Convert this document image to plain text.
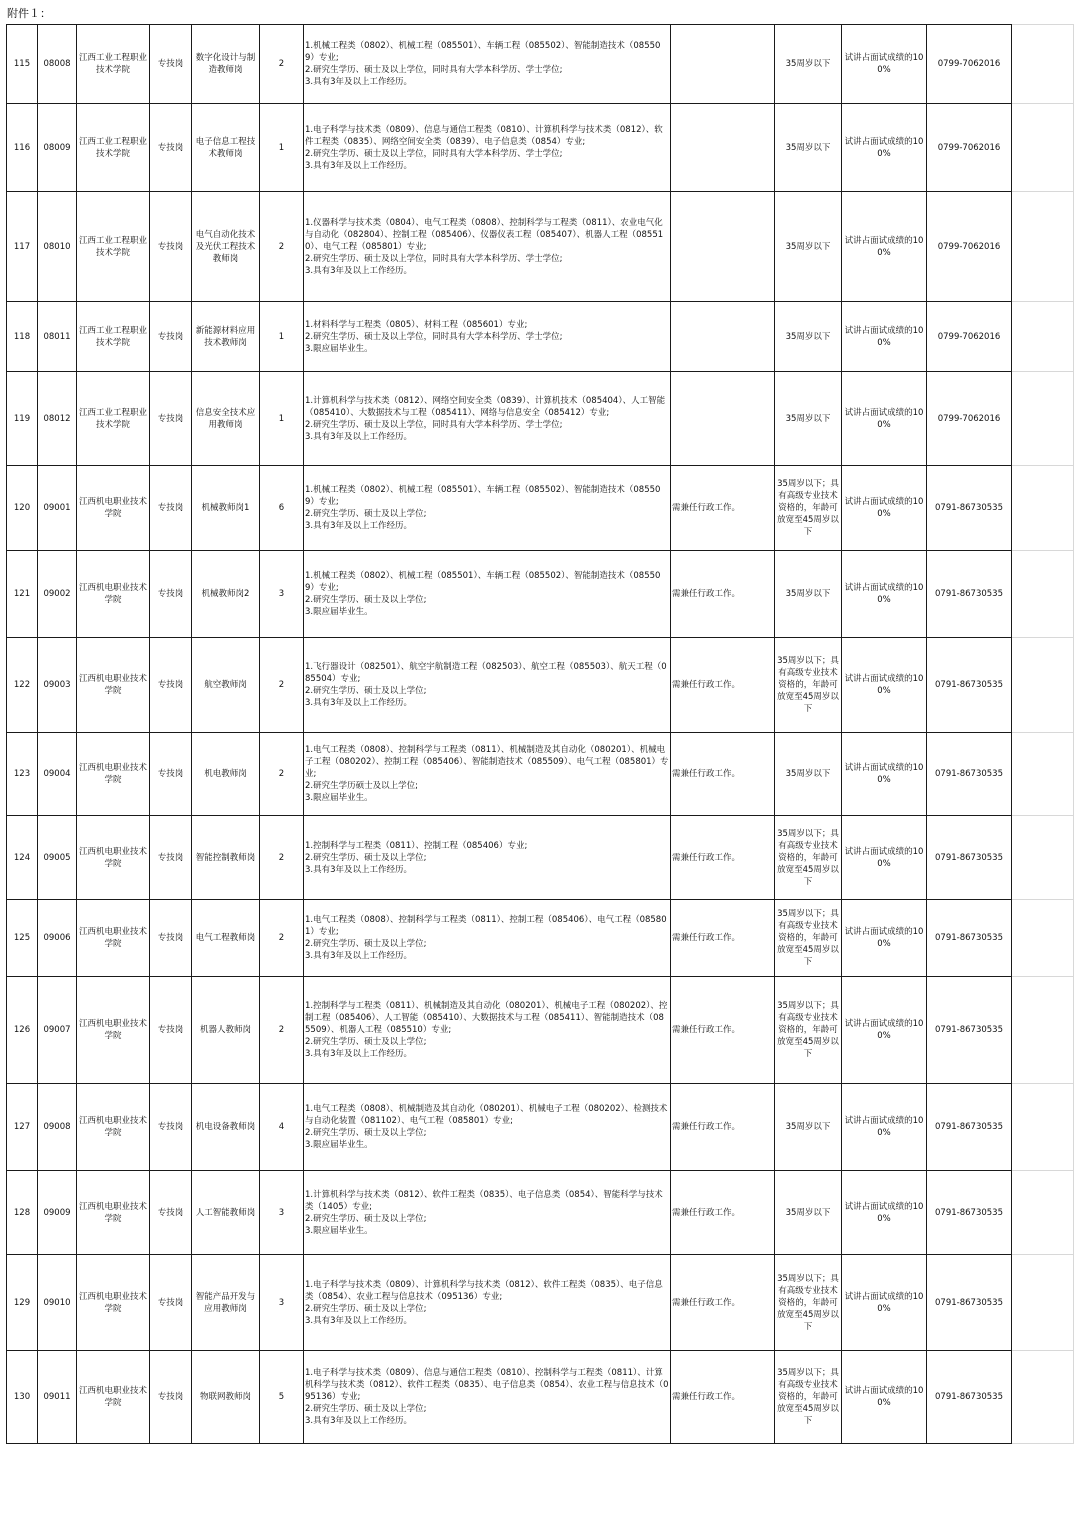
附件１：
115	08008	江西工业工程职业技术学院	专技岗	数字化设计与制造教师岗	2	1.机械工程类（0802）、机械工程（085501）、车辆工程（085502）、智能制造技术（085509）专业;
2.研究生学历、硕士及以上学位，同时具有大学本科学历、学士学位;
3.具有3年及以上工作经历。		35周岁以下	试讲占面试成绩的100%	0799-7062016	
116	08009	江西工业工程职业技术学院	专技岗	电子信息工程技术教师岗	1	1.电子科学与技术类（0809）、信息与通信工程类（0810）、计算机科学与技术类（0812）、软件工程类（0835）、网络空间安全类（0839）、电子信息类（0854）专业;
2.研究生学历、硕士及以上学位，同时具有大学本科学历、学士学位;
3.具有3年及以上工作经历。		35周岁以下	试讲占面试成绩的100%	0799-7062016	
117	08010	江西工业工程职业技术学院	专技岗	电气自动化技术及光伏工程技术教师岗	2	1.仪器科学与技术类（0804）、电气工程类（0808）、控制科学与工程类（0811）、农业电气化与自动化（082804）、控制工程（085406）、仪器仪表工程（085407）、机器人工程（085510）、电气工程（085801）专业;
2.研究生学历、硕士及以上学位，同时具有大学本科学历、学士学位;
3.具有3年及以上工作经历。		35周岁以下	试讲占面试成绩的100%	0799-7062016	
118	08011	江西工业工程职业技术学院	专技岗	新能源材料应用技术教师岗	1	1.材料科学与工程类（0805）、材料工程（085601）专业;
2.研究生学历、硕士及以上学位，同时具有大学本科学历、学士学位;
3.限应届毕业生。		35周岁以下	试讲占面试成绩的100%	0799-7062016	
119	08012	江西工业工程职业技术学院	专技岗	信息安全技术应用教师岗	1	1.计算机科学与技术类（0812）、网络空间安全类（0839）、计算机技术（085404）、人工智能（085410）、大数据技术与工程（085411）、网络与信息安全（085412）专业;
2.研究生学历、硕士及以上学位，同时具有大学本科学历、学士学位;
3.具有3年及以上工作经历。		35周岁以下	试讲占面试成绩的100%	0799-7062016	
120	09001	江西机电职业技术学院	专技岗	机械教师岗1	6	1.机械工程类（0802）、机械工程（085501）、车辆工程（085502）、智能制造技术（085509）专业;
2.研究生学历、硕士及以上学位;
3.具有3年及以上工作经历。	需兼任行政工作。	35周岁以下；具有高级专业技术资格的，年龄可放宽至45周岁以下	试讲占面试成绩的100%	0791-86730535	
121	09002	江西机电职业技术学院	专技岗	机械教师岗2	3	1.机械工程类（0802）、机械工程（085501）、车辆工程（085502）、智能制造技术（085509）专业;
2.研究生学历、硕士及以上学位;
3.限应届毕业生。	需兼任行政工作。	35周岁以下	试讲占面试成绩的100%	0791-86730535	
122	09003	江西机电职业技术学院	专技岗	航空教师岗	2	1.飞行器设计（082501）、航空宇航制造工程（082503）、航空工程（085503）、航天工程（085504）专业;
2.研究生学历、硕士及以上学位;
3.具有3年及以上工作经历。	需兼任行政工作。	35周岁以下；具有高级专业技术资格的，年龄可放宽至45周岁以下	试讲占面试成绩的100%	0791-86730535	
123	09004	江西机电职业技术学院	专技岗	机电教师岗	2	1.电气工程类（0808）、控制科学与工程类（0811）、机械制造及其自动化（080201）、机械电子工程（080202）、控制工程（085406）、智能制造技术（085509）、电气工程（085801）专业;
2.研究生学历硕士及以上学位;
3.限应届毕业生。	需兼任行政工作。	35周岁以下	试讲占面试成绩的100%	0791-86730535	
124	09005	江西机电职业技术学院	专技岗	智能控制教师岗	2	1.控制科学与工程类（0811）、控制工程（085406）专业;
2.研究生学历、硕士及以上学位;
3.具有3年及以上工作经历。	需兼任行政工作。	35周岁以下；具有高级专业技术资格的，年龄可放宽至45周岁以下	试讲占面试成绩的100%	0791-86730535	
125	09006	江西机电职业技术学院	专技岗	电气工程教师岗	2	1.电气工程类（0808）、控制科学与工程类（0811）、控制工程（085406）、电气工程（085801）专业;
2.研究生学历、硕士及以上学位;
3.具有3年及以上工作经历。	需兼任行政工作。	35周岁以下；具有高级专业技术资格的，年龄可放宽至45周岁以下	试讲占面试成绩的100%	0791-86730535	
126	09007	江西机电职业技术学院	专技岗	机器人教师岗	2	1.控制科学与工程类（0811）、机械制造及其自动化（080201）、机械电子工程（080202）、控制工程（085406）、人工智能（085410）、大数据技术与工程（085411）、智能制造技术（085509）、机器人工程（085510）专业;
2.研究生学历、硕士及以上学位;
3.具有3年及以上工作经历。	需兼任行政工作。	35周岁以下；具有高级专业技术资格的，年龄可放宽至45周岁以下	试讲占面试成绩的100%	0791-86730535	
127	09008	江西机电职业技术学院	专技岗	机电设备教师岗	4	1.电气工程类（0808）、机械制造及其自动化（080201）、机械电子工程（080202）、检测技术与自动化装置（081102）、电气工程（085801）专业;
2.研究生学历、硕士及以上学位;
3.限应届毕业生。	需兼任行政工作。	35周岁以下	试讲占面试成绩的100%	0791-86730535	
128	09009	江西机电职业技术学院	专技岗	人工智能教师岗	3	1.计算机科学与技术类（0812）、软件工程类（0835）、电子信息类（0854）、智能科学与技术类（1405）专业;
2.研究生学历、硕士及以上学位;
3.限应届毕业生。	需兼任行政工作。	35周岁以下	试讲占面试成绩的100%	0791-86730535	
129	09010	江西机电职业技术学院	专技岗	智能产品开发与应用教师岗	3	1.电子科学与技术类（0809）、计算机科学与技术类（0812）、软件工程类（0835）、电子信息类（0854）、农业工程与信息技术（095136）专业;
2.研究生学历、硕士及以上学位;
3.具有3年及以上工作经历。	需兼任行政工作。	35周岁以下；具有高级专业技术资格的，年龄可放宽至45周岁以下	试讲占面试成绩的100%	0791-86730535	
130	09011	江西机电职业技术学院	专技岗	物联网教师岗	5	1.电子科学与技术类（0809）、信息与通信工程类（0810）、控制科学与工程类（0811）、计算机科学与技术类（0812）、软件工程类（0835）、电子信息类（0854）、农业工程与信息技术（095136）专业;
2.研究生学历、硕士及以上学位;
3.具有3年及以上工作经历。	需兼任行政工作。	35周岁以下；具有高级专业技术资格的，年龄可放宽至45周岁以下	试讲占面试成绩的100%	0791-86730535	
